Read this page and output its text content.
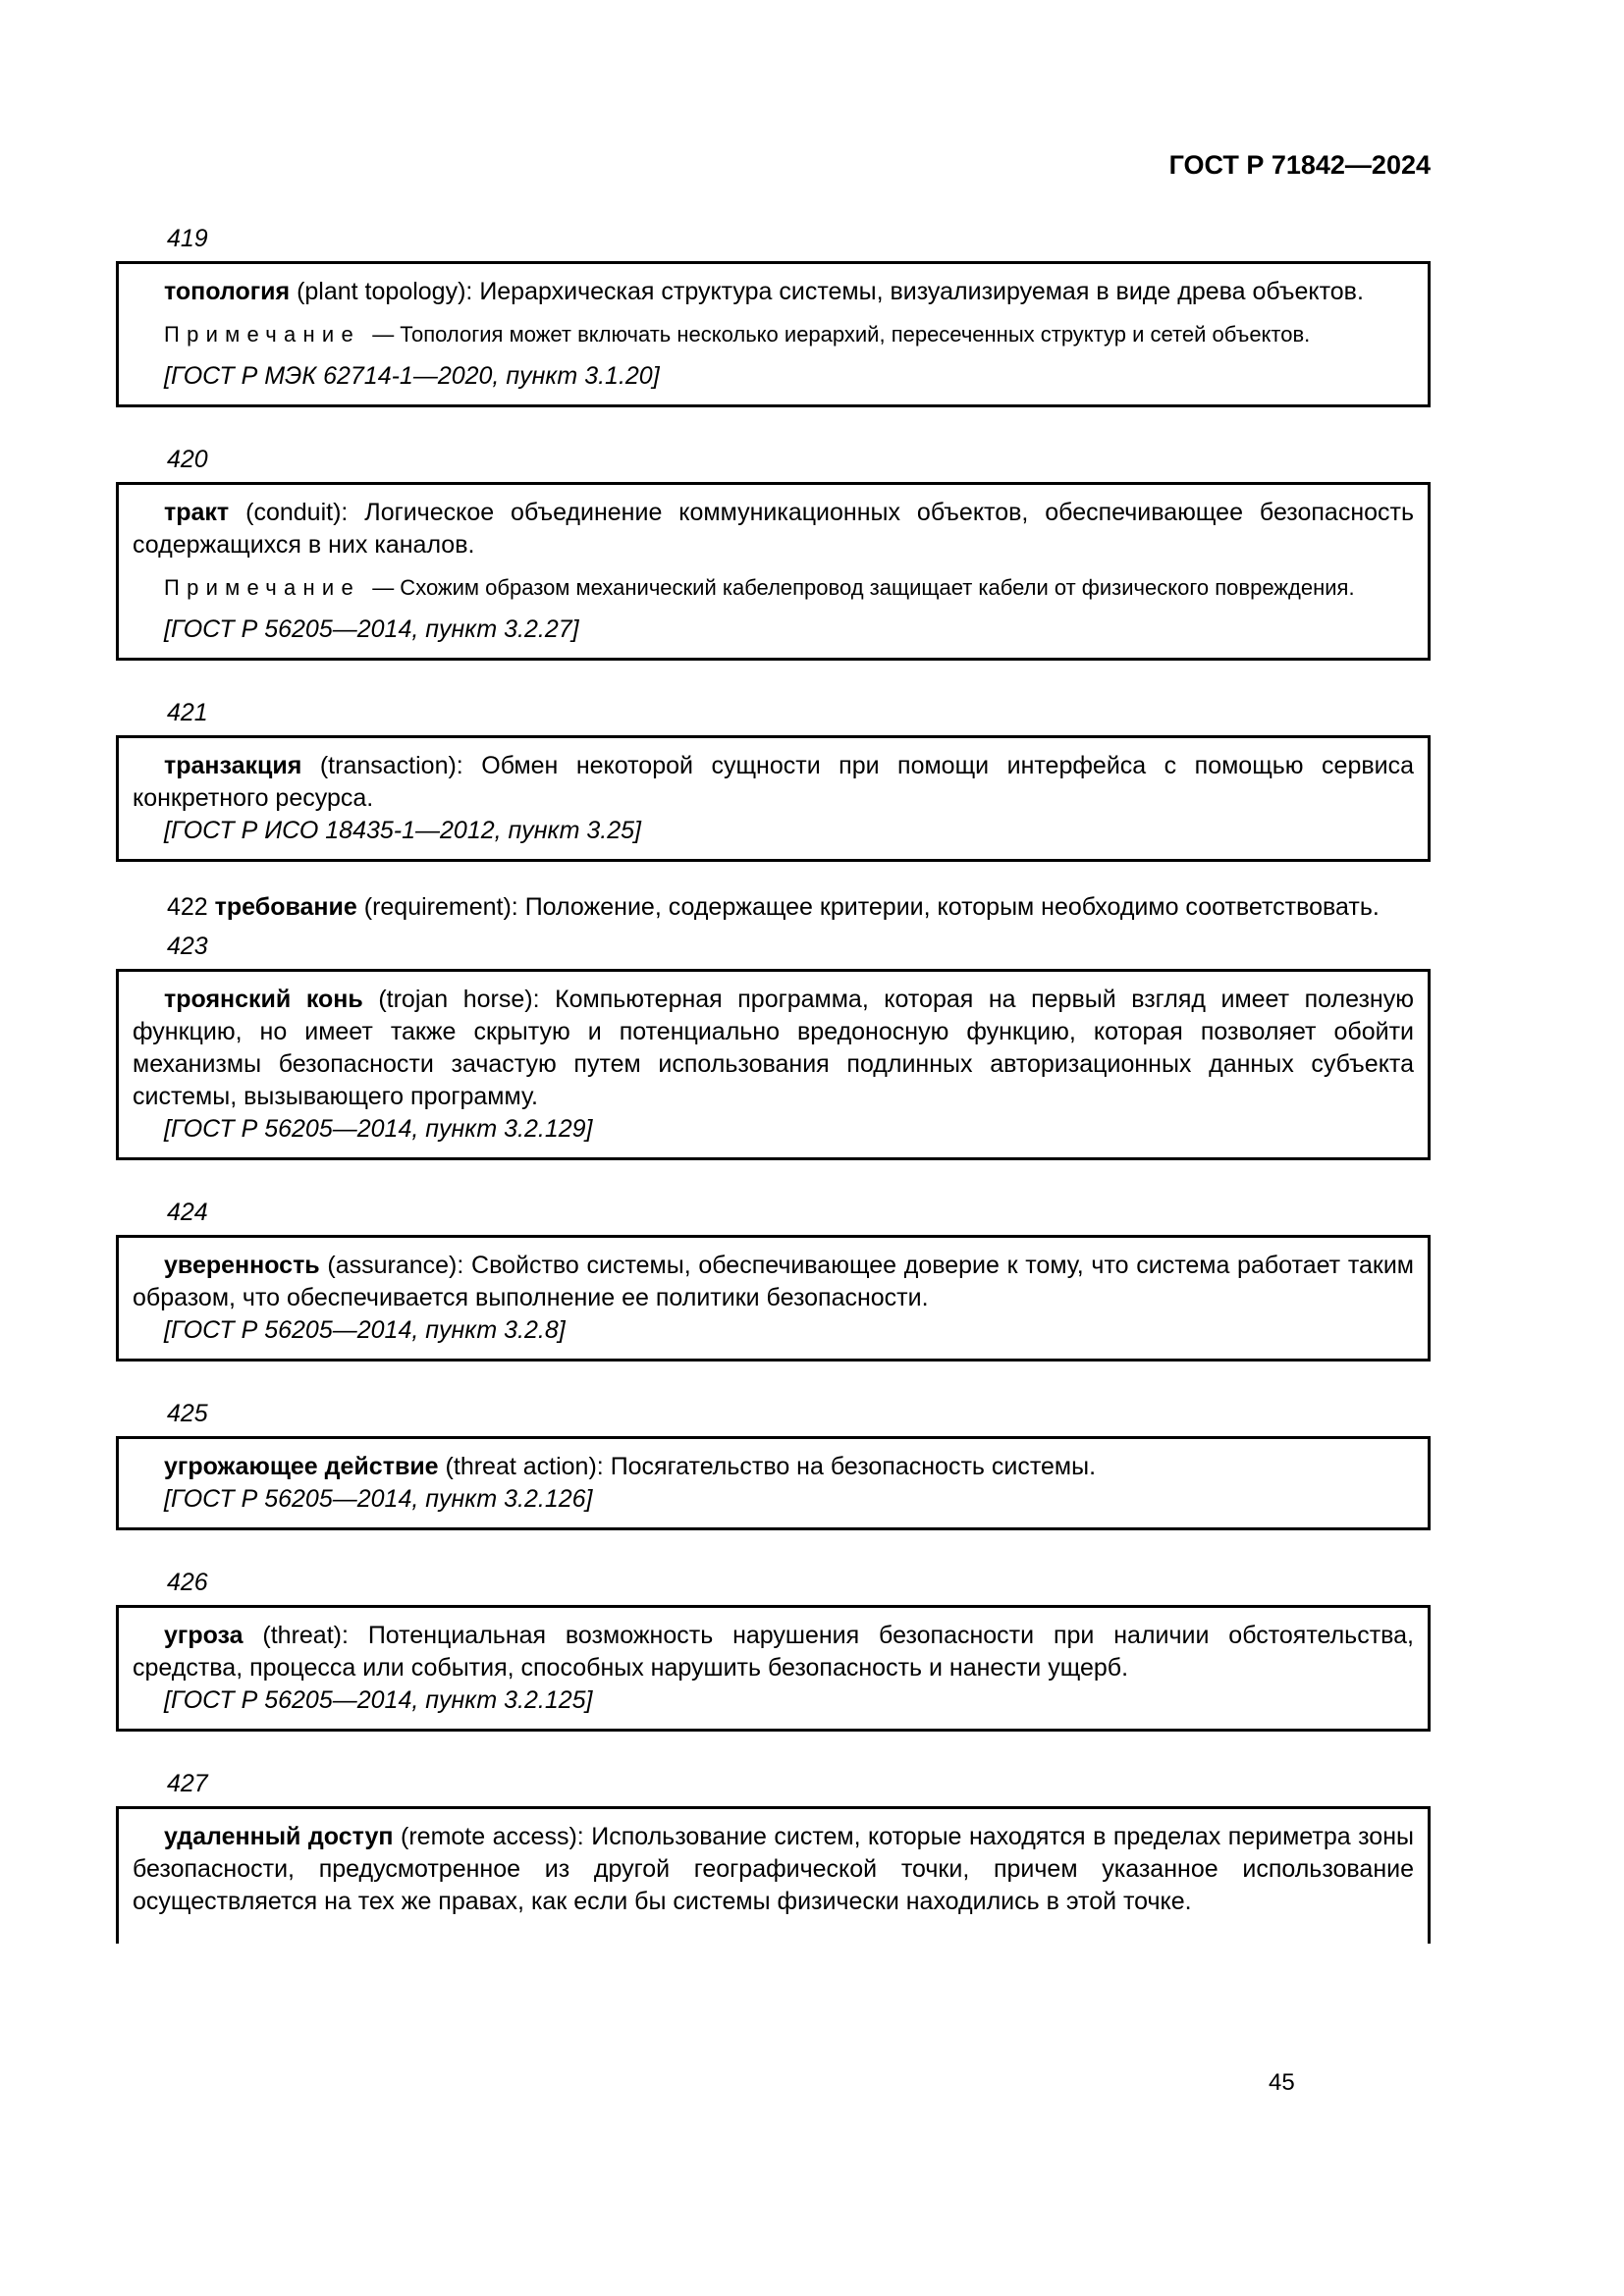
ГОСТ Р 71842—2024

419

топология (plant topology): Иерархическая структура системы, визуализируемая в виде древа объектов.

Примечание — Топология может включать несколько иерархий, пересеченных структур и сетей объектов.

[ГОСТ Р МЭК 62714-1—2020, пункт 3.1.20]

420

тракт (conduit): Логическое объединение коммуникационных объектов, обеспечивающее безопасность содержащихся в них каналов.

Примечание — Схожим образом механический кабелепровод защищает кабели от физического повреждения.

[ГОСТ Р 56205—2014, пункт 3.2.27]

421

транзакция (transaction): Обмен некоторой сущности при помощи интерфейса с помощью сервиса конкретного ресурса.

[ГОСТ Р ИСО 18435-1—2012, пункт 3.25]

422 требование (requirement): Положение, содержащее критерии, которым необходимо соответствовать.

423

троянский конь (trojan horse): Компьютерная программа, которая на первый взгляд имеет полезную функцию, но имеет также скрытую и потенциально вредоносную функцию, которая позволяет обойти механизмы безопасности зачастую путем использования подлинных авторизационных данных субъекта системы, вызывающего программу.

[ГОСТ Р 56205—2014, пункт 3.2.129]

424

уверенность (assurance): Свойство системы, обеспечивающее доверие к тому, что система работает таким образом, что обеспечивается выполнение ее политики безопасности.

[ГОСТ Р 56205—2014, пункт 3.2.8]

425

угрожающее действие (threat action): Посягательство на безопасность системы.

[ГОСТ Р 56205—2014, пункт 3.2.126]

426

угроза (threat): Потенциальная возможность нарушения безопасности при наличии обстоятельства, средства, процесса или события, способных нарушить безопасность и нанести ущерб.

[ГОСТ Р 56205—2014, пункт 3.2.125]

427

удаленный доступ (remote access): Использование систем, которые находятся в пределах периметра зоны безопасности, предусмотренное из другой географической точки, причем указанное использование осуществляется на тех же правах, как если бы системы физически находились в этой точке.

45
